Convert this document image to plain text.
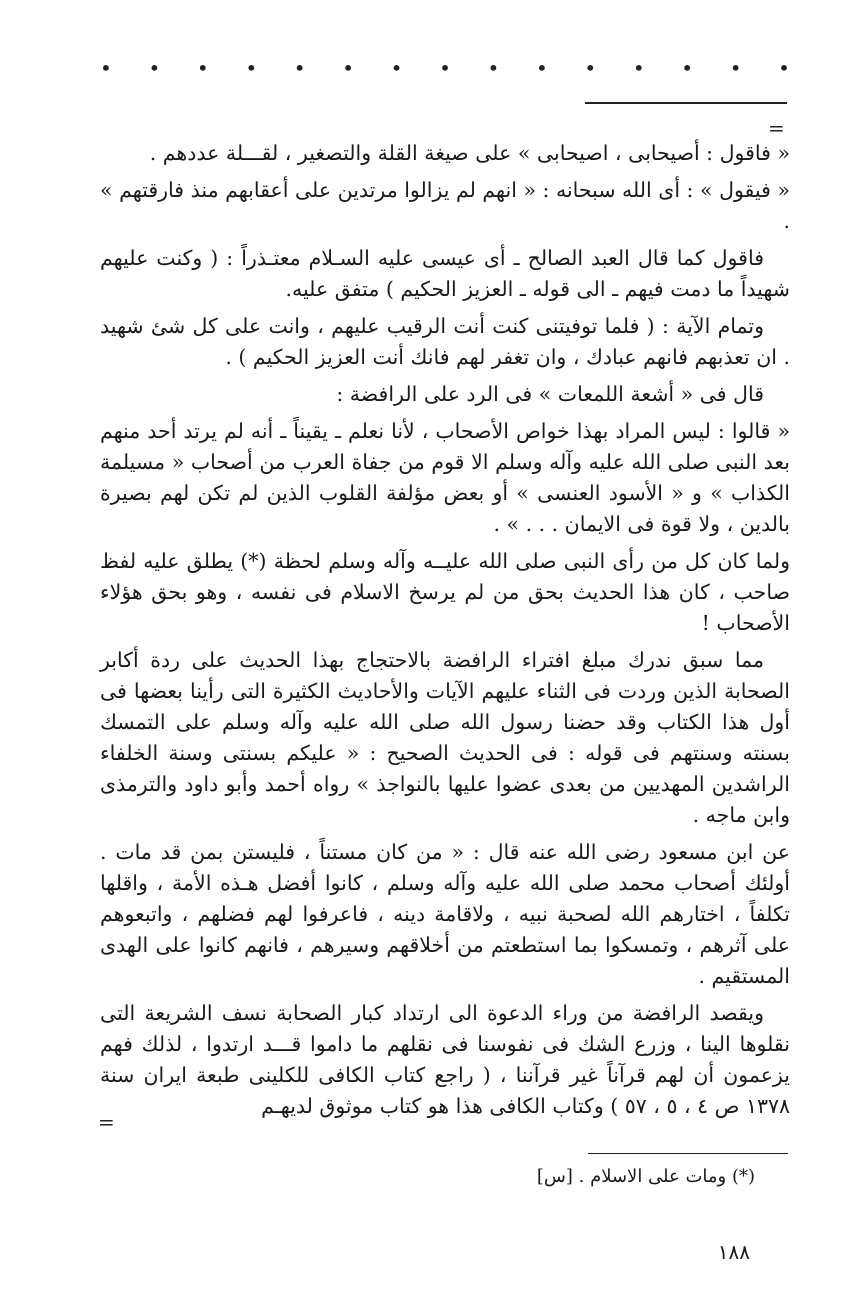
• • • • • • • • • • • • • • •
=

« فاقول : أصيحابى ، اصيحابى » على صيغة القلة والتصغير ، لقـــلة عددهم .

« فيقول » : أى الله سبحانه : « انهم لم يزالوا مرتدين على أعقابهم منذ فارقتهم » .

فاقول كما قال العبد الصالح ـ أى عيسى عليه السـلام معتـذراً : ( وكنت عليهم شهيداً ما دمت فيهم ـ الى قوله ـ العزيز الحكيم ) متفق عليه.

وتمام الآية : ( فلما توفيتنى كنت أنت الرقيب عليهم ، وانت على كل شئ شهيد . ان تعذبهم فانهم عبادك ، وان تغفر لهم فانك أنت العزيز الحكيم ) .

قال فى « أشعة اللمعات » فى الرد على الرافضة :

« قالوا : ليس المراد بهذا خواص الأصحاب ، لأنا نعلم ـ يقيناً ـ أنه لم يرتد أحد منهم بعد النبى صلى الله عليه وآله وسلم الا قوم من جفاة العرب من أصحاب « مسيلمة الكذاب » و « الأسود العنسى » أو بعض مؤلفة القلوب الذين لم تكن لهم بصيرة بالدين ، ولا قوة فى الايمان . . . » .

ولما كان كل من رأى النبى صلى الله عليــه وآله وسلم لحظة (*) يطلق عليه لفظ صاحب ، كان هذا الحديث بحق من لم يرسخ الاسلام فى نفسه ، وهو بحق هؤلاء الأصحاب !

مما سبق ندرك مبلغ افتراء الرافضة بالاحتجاج بهذا الحديث على ردة أكابر الصحابة الذين وردت فى الثناء عليهم الآيات والأحاديث الكثيرة التى رأينا بعضها فى أول هذا الكتاب وقد حضنا رسول الله صلى الله عليه وآله وسلم على التمسك بسنته وسنتهم فى قوله : فى الحديث الصحيح : « عليكم بسنتى وسنة الخلفاء الراشدين المهديين من بعدى عضوا عليها بالنواجذ » رواه أحمد وأبو داود والترمذى وابن ماجه .

عن ابن مسعود رضى الله عنه قال : « من كان مستناً ، فليستن بمن قد مات . أولئك أصحاب محمد صلى الله عليه وآله وسلم ، كانوا أفضل هـذه الأمة ، واقلها تكلفاً ، اختارهم الله لصحبة نبيه ، ولاقامة دينه ، فاعرفوا لهم فضلهم ، واتبعوهم على آثرهم ، وتمسكوا بما استطعتم من أخلاقهم وسيرهم ، فانهم كانوا على الهدى المستقيم .

ويقصد الرافضة من وراء الدعوة الى ارتداد كبار الصحابة نسف الشريعة التى نقلوها الينا ، وزرع الشك فى نفوسنا فى نقلهم ما داموا قـــد ارتدوا ، لذلك فهم يزعمون أن لهم قرآناً غير قرآننا ، ( راجع كتاب الكافى للكلينى طبعة ايران سنة ١٣٧٨ ص ٤ ، ٥ ، ٥٧ ) وكتاب الكافى هذا هو كتاب موثوق لديهـم

=
(*) ومات على الاسلام . [س]
١٨٨
